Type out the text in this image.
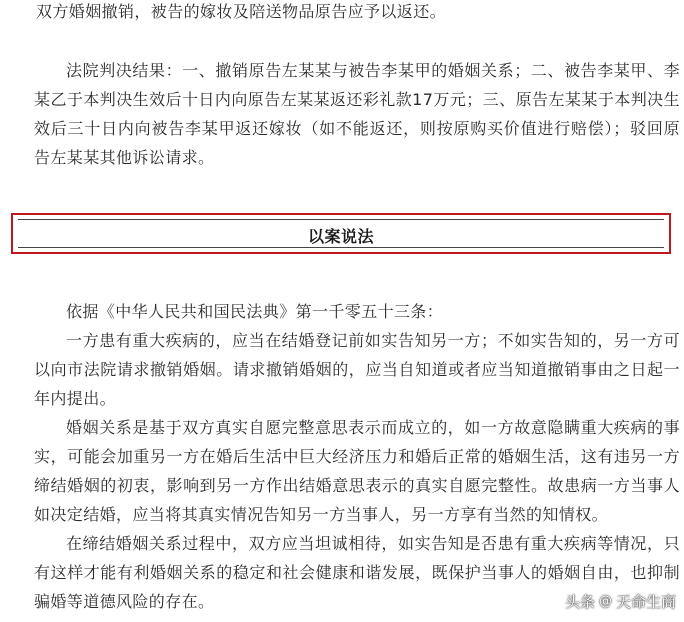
双方婚姻撤销，被告的嫁妆及陪送物品原告应予以返还。

法院判决结果：一、撤销原告左某某与被告李某甲的婚姻关系；二、被告李某甲、李某乙于本判决生效后十日内向原告左某某返还彩礼款17万元；三、原告左某某于本判决生效后三十日内向被告李某甲返还嫁妆（如不能返还，则按原购买价值进行赔偿）；驳回原告左某某其他诉讼请求。

以案说法

依据《中华人民共和国民法典》第一千零五十三条：

一方患有重大疾病的，应当在结婚登记前如实告知另一方；不如实告知的，另一方可以向市法院请求撤销婚姻。请求撤销婚姻的，应当自知道或者应当知道撤销事由之日起一年内提出。

婚姻关系是基于双方真实自愿完整意思表示而成立的，如一方故意隐瞒重大疾病的事实，可能会加重另一方在婚后生活中巨大经济压力和婚后正常的婚姻生活，这有违另一方缔结婚姻的初衷，影响到另一方作出结婚意思表示的真实自愿完整性。故患病一方当事人如决定结婚，应当将其真实情况告知另一方当事人，另一方享有当然的知情权。

在缔结婚姻关系过程中，双方应当坦诚相待，如实告知是否患有重大疾病等情况，只有这样才能有利婚姻关系的稳定和社会健康和谐发展，既保护当事人的婚姻自由，也抑制骗婚等道德风险的存在。	头条 @ 天命生商
